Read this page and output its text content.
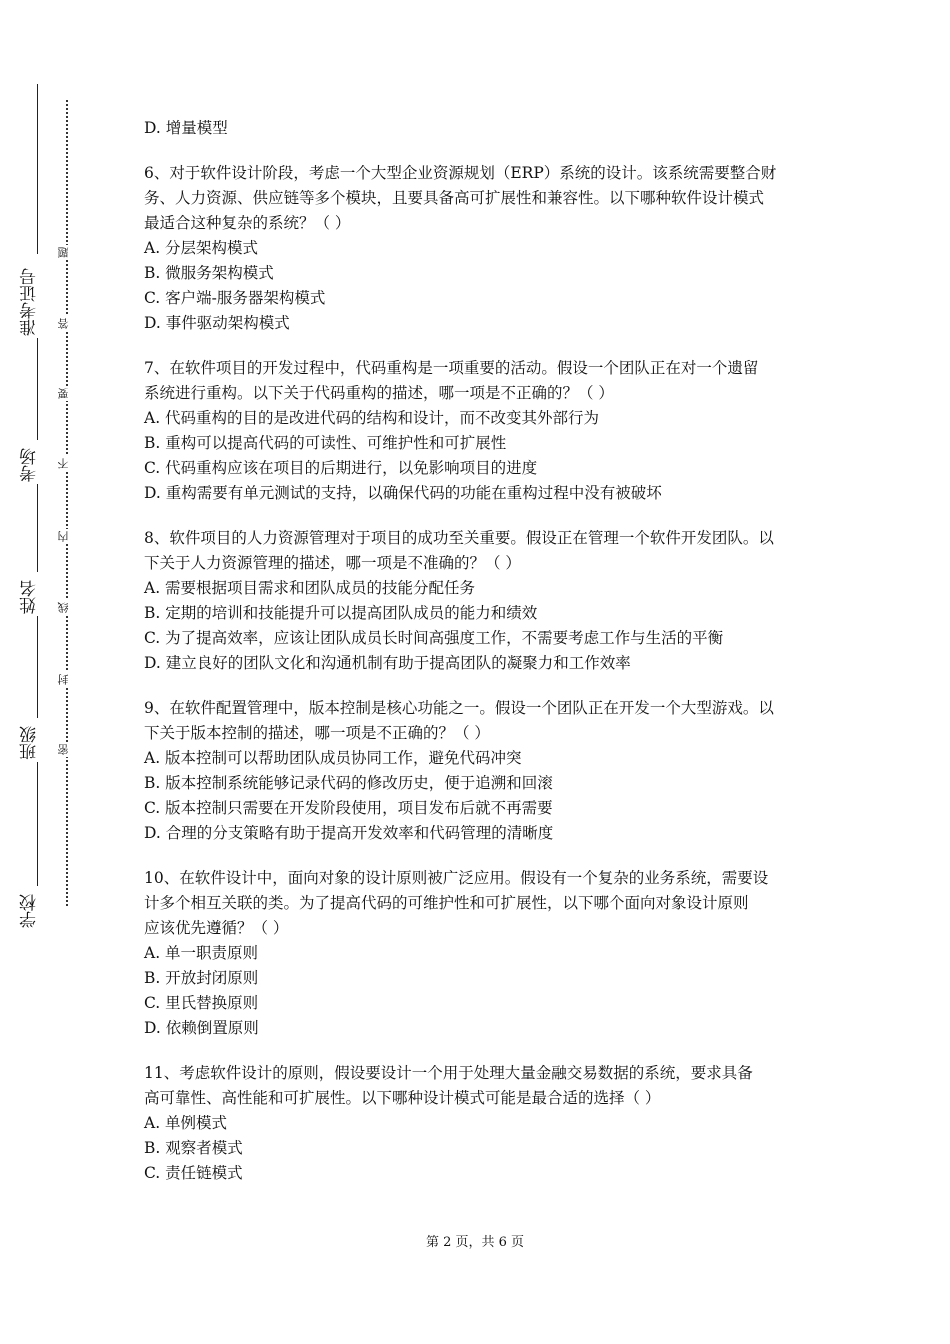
准考证号
考场
姓名
班级
学校
题
答
要
不
内
线
封
密

D. 增量模型

6、对于软件设计阶段，考虑一个大型企业资源规划（ERP）系统的设计。该系统需要整合财

务、人力资源、供应链等多个模块，且要具备高可扩展性和兼容性。以下哪种软件设计模式

最适合这种复杂的系统？（ ）

A. 分层架构模式

B. 微服务架构模式

C. 客户端-服务器架构模式

D. 事件驱动架构模式

7、在软件项目的开发过程中，代码重构是一项重要的活动。假设一个团队正在对一个遗留

系统进行重构。以下关于代码重构的描述，哪一项是不正确的？（ ）

A. 代码重构的目的是改进代码的结构和设计，而不改变其外部行为

B. 重构可以提高代码的可读性、可维护性和可扩展性

C. 代码重构应该在项目的后期进行，以免影响项目的进度

D. 重构需要有单元测试的支持，以确保代码的功能在重构过程中没有被破坏

8、软件项目的人力资源管理对于项目的成功至关重要。假设正在管理一个软件开发团队。以

下关于人力资源管理的描述，哪一项是不准确的？（ ）

A. 需要根据项目需求和团队成员的技能分配任务

B. 定期的培训和技能提升可以提高团队成员的能力和绩效

C. 为了提高效率，应该让团队成员长时间高强度工作，不需要考虑工作与生活的平衡

D. 建立良好的团队文化和沟通机制有助于提高团队的凝聚力和工作效率

9、在软件配置管理中，版本控制是核心功能之一。假设一个团队正在开发一个大型游戏。以

下关于版本控制的描述，哪一项是不正确的？（ ）

A. 版本控制可以帮助团队成员协同工作，避免代码冲突

B. 版本控制系统能够记录代码的修改历史，便于追溯和回滚

C. 版本控制只需要在开发阶段使用，项目发布后就不再需要

D. 合理的分支策略有助于提高开发效率和代码管理的清晰度

10、在软件设计中，面向对象的设计原则被广泛应用。假设有一个复杂的业务系统，需要设

计多个相互关联的类。为了提高代码的可维护性和可扩展性，以下哪个面向对象设计原则

应该优先遵循？（ ）

A. 单一职责原则

B. 开放封闭原则

C. 里氏替换原则

D. 依赖倒置原则

11、考虑软件设计的原则，假设要设计一个用于处理大量金融交易数据的系统，要求具备

高可靠性、高性能和可扩展性。以下哪种设计模式可能是最合适的选择（ ）

A. 单例模式

B. 观察者模式

C. 责任链模式

第 2 页，共 6 页
